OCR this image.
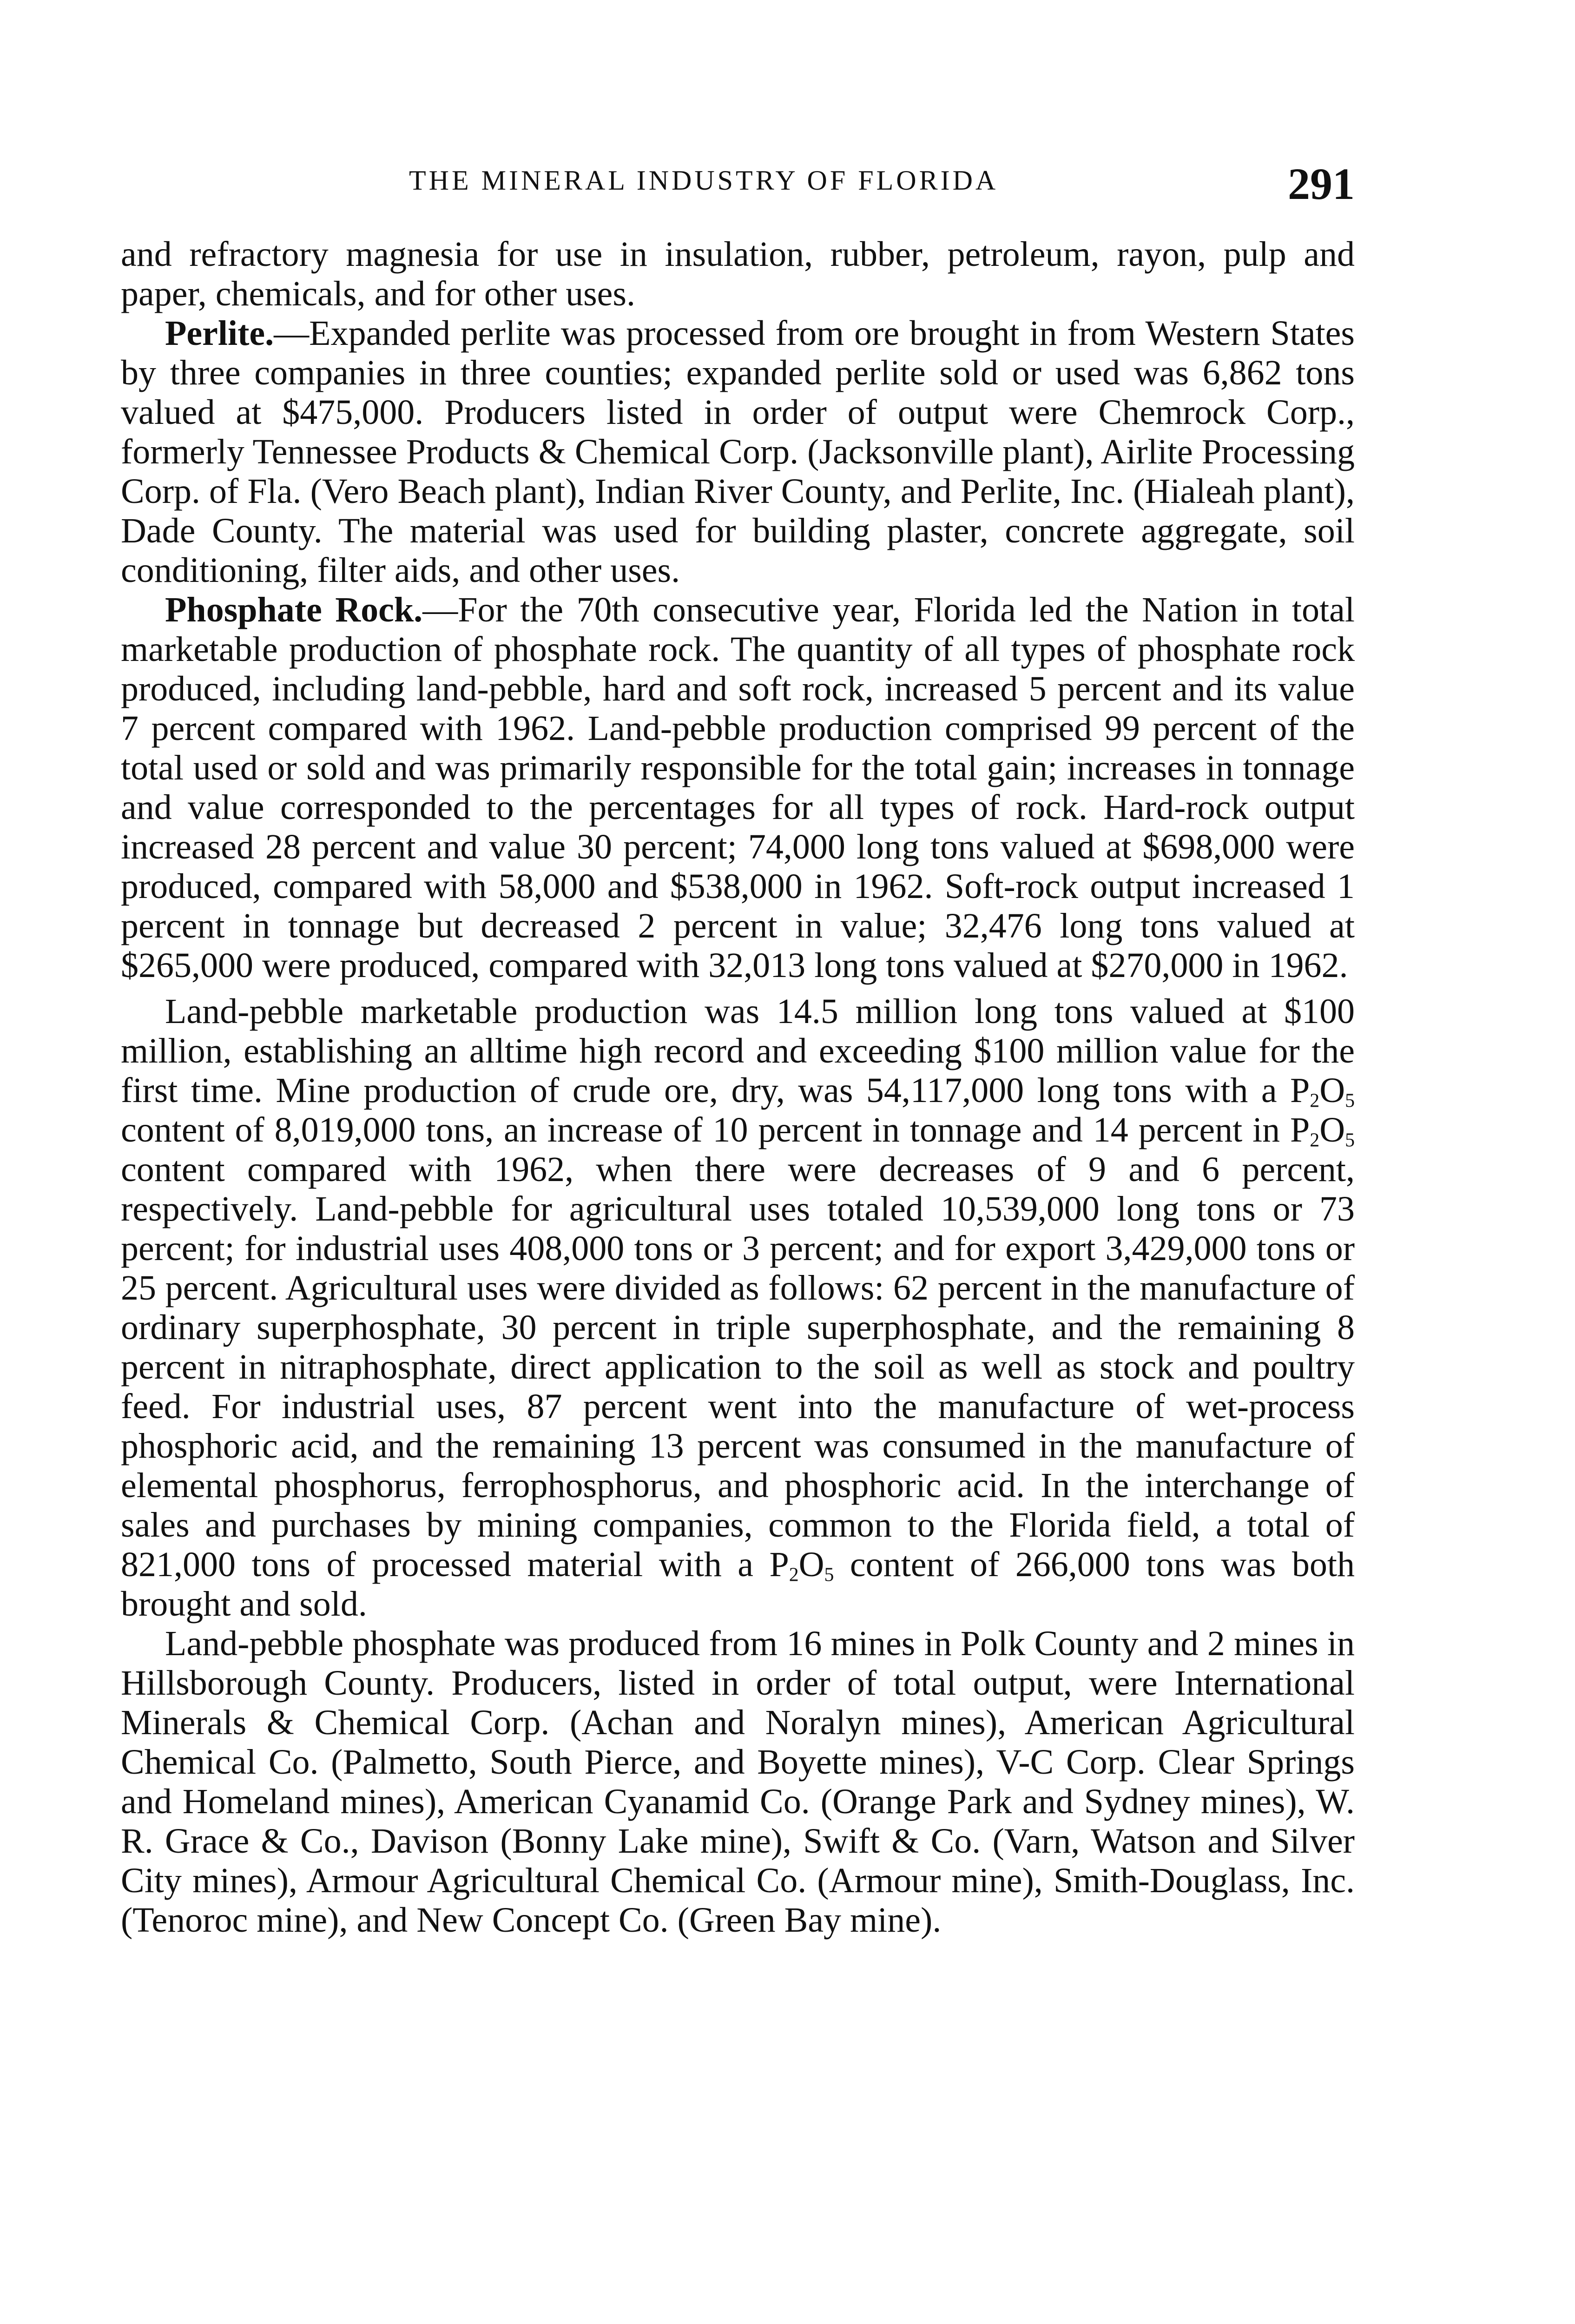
THE MINERAL INDUSTRY OF FLORIDA	291

and refractory magnesia for use in insulation, rubber, petroleum, rayon, pulp and paper, chemicals, and for other uses.

Perlite.—Expanded perlite was processed from ore brought in from Western States by three companies in three counties; expanded perlite sold or used was 6,862 tons valued at $475,000. Producers listed in order of output were Chemrock Corp., formerly Tennessee Products & Chemical Corp. (Jacksonville plant), Airlite Processing Corp. of Fla. (Vero Beach plant), Indian River County, and Perlite, Inc. (Hialeah plant), Dade County. The material was used for building plaster, concrete aggregate, soil conditioning, filter aids, and other uses.

Phosphate Rock.—For the 70th consecutive year, Florida led the Nation in total marketable production of phosphate rock. The quantity of all types of phosphate rock produced, including land-pebble, hard and soft rock, increased 5 percent and its value 7 percent compared with 1962. Land-pebble production comprised 99 percent of the total used or sold and was primarily responsible for the total gain; increases in tonnage and value corresponded to the percentages for all types of rock. Hard-rock output increased 28 percent and value 30 percent; 74,000 long tons valued at $698,000 were produced, compared with 58,000 and $538,000 in 1962. Soft-rock output increased 1 percent in tonnage but decreased 2 percent in value; 32,476 long tons valued at $265,000 were produced, compared with 32,013 long tons valued at $270,000 in 1962.

Land-pebble marketable production was 14.5 million long tons valued at $100 million, establishing an alltime high record and exceeding $100 million value for the first time. Mine production of crude ore, dry, was 54,117,000 long tons with a $P_2O_5$ content of 8,019,000 tons, an increase of 10 percent in tonnage and 14 percent in $P_2O_5$ content compared with 1962, when there were decreases of 9 and 6 percent, respectively. Land-pebble for agricultural uses totaled 10,539,000 long tons or 73 percent; for industrial uses 408,000 tons or 3 percent; and for export 3,429,000 tons or 25 percent. Agricultural uses were divided as follows: 62 percent in the manufacture of ordinary superphosphate, 30 percent in triple superphosphate, and the remaining 8 percent in nitraphosphate, direct application to the soil as well as stock and poultry feed. For industrial uses, 87 percent went into the manufacture of wet-process phosphoric acid, and the remaining 13 percent was consumed in the manufacture of elemental phosphorus, ferrophosphorus, and phosphoric acid. In the interchange of sales and purchases by mining companies, common to the Florida field, a total of 821,000 tons of processed material with a $P_2O_5$ content of 266,000 tons was both brought and sold.

Land-pebble phosphate was produced from 16 mines in Polk County and 2 mines in Hillsborough County. Producers, listed in order of total output, were International Minerals & Chemical Corp. (Achan and Noralyn mines), American Agricultural Chemical Co. (Palmetto, South Pierce, and Boyette mines), V-C Corp. Clear Springs and Homeland mines), American Cyanamid Co. (Orange Park and Sydney mines), W. R. Grace & Co., Davison (Bonny Lake mine), Swift & Co. (Varn, Watson and Silver City mines), Armour Agricultural Chemical Co. (Armour mine), Smith-Douglass, Inc. (Tenoroc mine), and New Concept Co. (Green Bay mine).
